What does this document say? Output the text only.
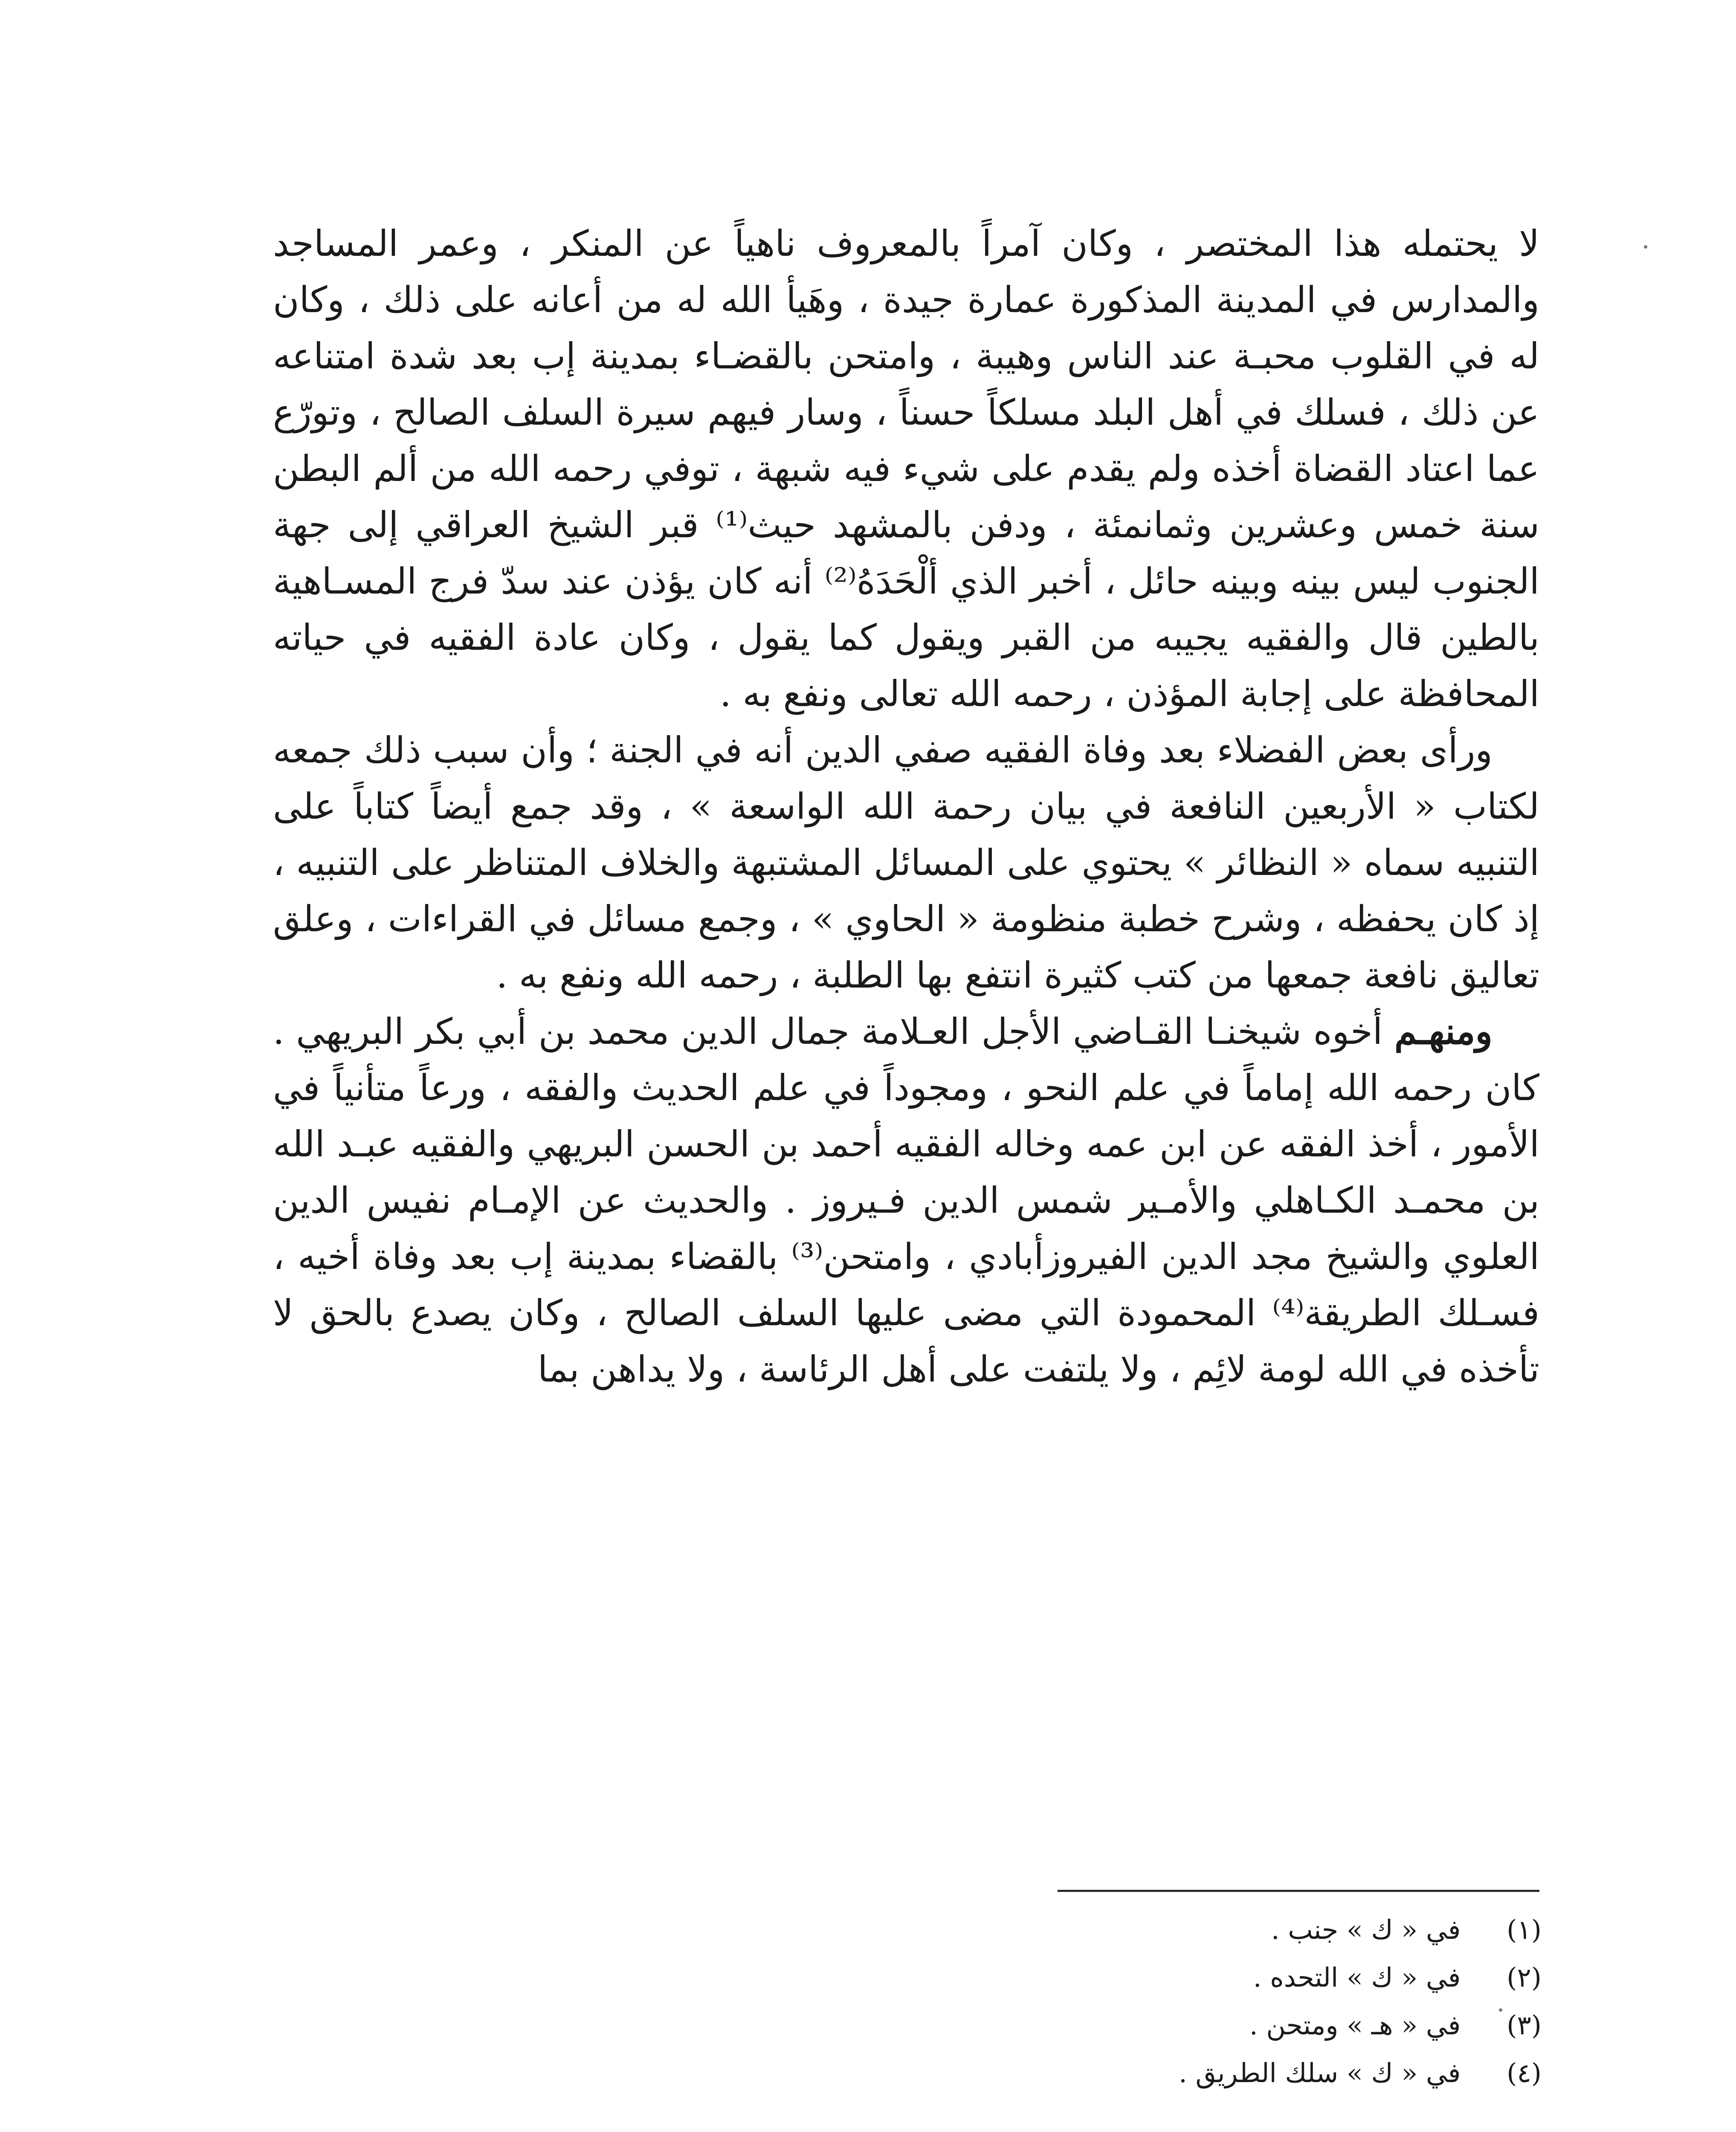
لا يحتمله هذا المختصر ، وكان آمراً بالمعروف ناهياً عن المنكر ، وعمر المساجد والمدارس في المدينة المذكورة عمارة جيدة ، وهَيأ الله له من أعانه على ذلك ، وكان له في القلوب محبـة عند الناس وهيبة ، وامتحن بالقضـاء بمدينة إب بعد شدة امتناعه عن ذلك ، فسلك في أهل البلد مسلكاً حسناً ، وسار فيهم سيرة السلف الصالح ، وتورّع عما اعتاد القضاة أخذه ولم يقدم على شيء فيه شبهة ، توفي رحمه الله من ألم البطن سنة خمس وعشرين وثمانمئة ، ودفن بالمشهد حيث⁽¹⁾ قبر الشيخ العراقي إلى جهة الجنوب ليس بينه وبينه حائل ، أخبر الذي ألْحَدَهُ⁽²⁾ أنه كان يؤذن عند سدّ فرج المسـاهية بالطين قال والفقيه يجيبه من القبر ويقول كما يقول ، وكان عادة الفقيه في حياته المحافظة على إجابة المؤذن ، رحمه الله تعالى ونفع به .

ورأى بعض الفضلاء بعد وفاة الفقيه صفي الدين أنه في الجنة ؛ وأن سبب ذلك جمعه لكتاب « الأربعين النافعة في بيان رحمة الله الواسعة » ، وقد جمع أيضاً كتاباً على التنبيه سماه « النظائر » يحتوي على المسائل المشتبهة والخلاف المتناظر على التنبيه ، إذ كان يحفظه ، وشرح خطبة منظومة « الحاوي » ، وجمع مسائل في القراءات ، وعلق تعاليق نافعة جمعها من كتب كثيرة انتفع بها الطلبة ، رحمه الله ونفع به .

ومنهـم أخوه شيخنـا القـاضي الأجل العـلامة جمال الدين محمد بن أبي بكر البريهي . كان رحمه الله إماماً في علم النحو ، ومجوداً في علم الحديث والفقه ، ورعاً متأنياً في الأمور ، أخذ الفقه عن ابن عمه وخاله الفقيه أحمد بن الحسن البريهي والفقيه عبـد الله بن محمـد الكـاهلي والأمـير شمس الدين فـيروز . والحديث عن الإمـام نفيس الدين العلوي والشيخ مجد الدين الفيروزأبادي ، وامتحن⁽³⁾ بالقضاء بمدينة إب بعد وفاة أخيه ، فسـلك الطريقة⁽⁴⁾ المحمودة التي مضى عليها السلف الصالح ، وكان يصدع بالحق لا تأخذه في الله لومة لائِم ، ولا يلتفت على أهل الرئاسة ، ولا يداهن بما

(١) في « ك » جنب .
(٢) في « ك » التحده .
(٣) في « هـ » ومتحن .
(٤) في « ك » سلك الطريق .
